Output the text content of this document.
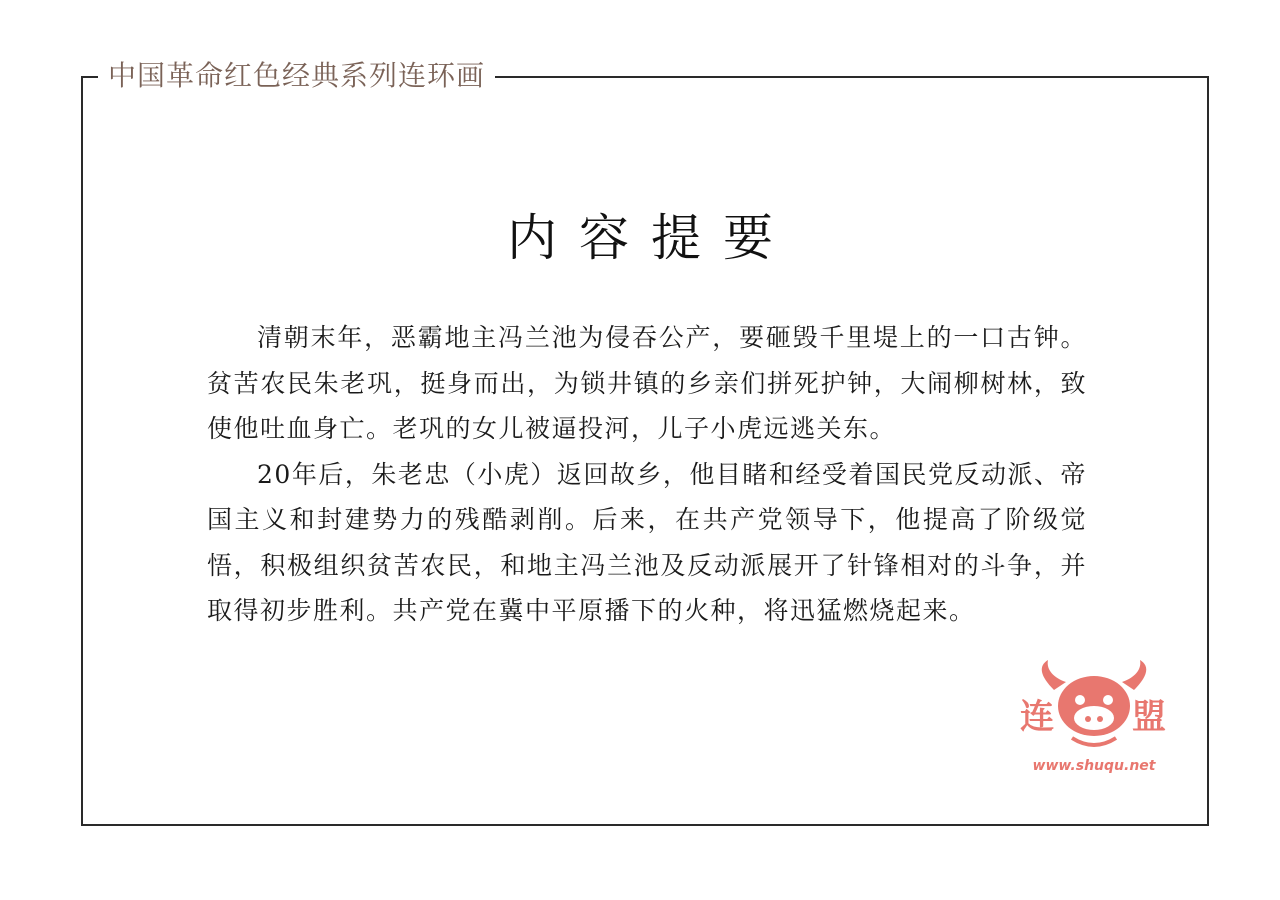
中国革命红色经典系列连环画
内容提要

清朝末年，恶霸地主冯兰池为侵吞公产，要砸毁千里堤上的一口古钟。贫苦农民朱老巩，挺身而出，为锁井镇的乡亲们拼死护钟，大闹柳树林，致使他吐血身亡。老巩的女儿被逼投河，儿子小虎远逃关东。

20年后，朱老忠（小虎）返回故乡，他目睹和经受着国民党反动派、帝国主义和封建势力的残酷剥削。后来，在共产党领导下，他提高了阶级觉悟，积极组织贫苦农民，和地主冯兰池及反动派展开了针锋相对的斗争，并取得初步胜利。共产党在冀中平原播下的火种，将迅猛燃烧起来。

连 盟
www.shuqu.net
